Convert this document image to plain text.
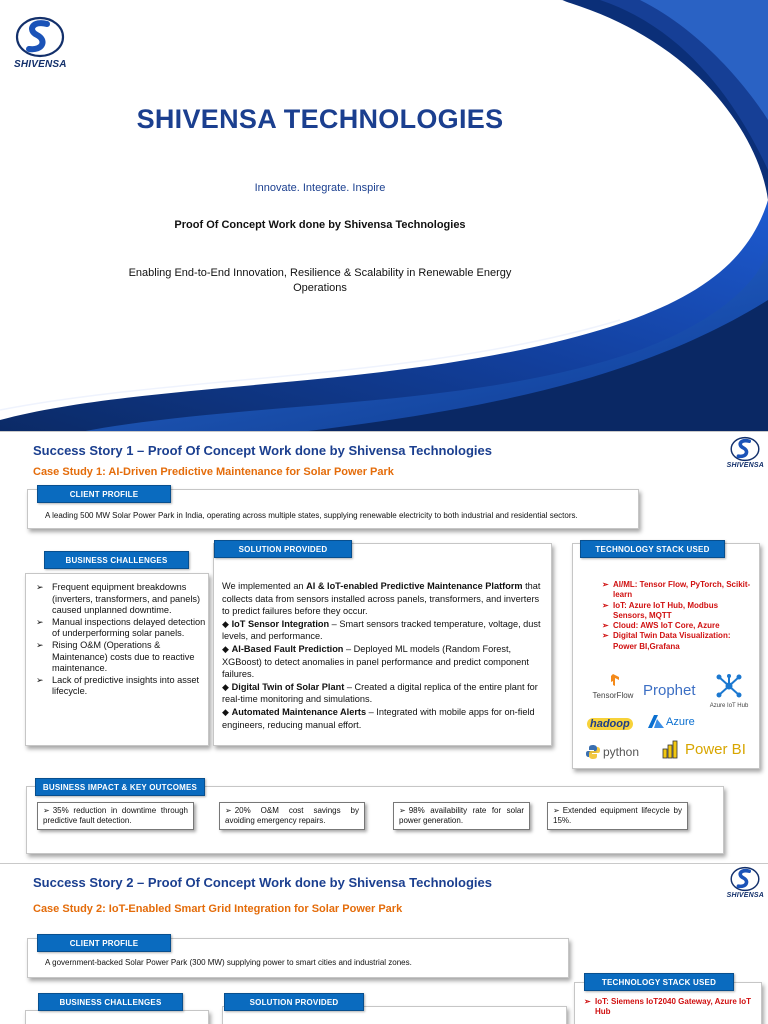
SHIVENSA
SHIVENSA TECHNOLOGIES
Innovate. Integrate. Inspire
Proof Of Concept Work done by Shivensa Technologies
Enabling End-to-End Innovation, Resilience & Scalability in Renewable Energy Operations
Success Story 1 – Proof Of Concept Work done by Shivensa Technologies
Case Study 1: AI-Driven Predictive Maintenance for Solar Power Park
SHIVENSA
CLIENT PROFILE
A leading 500 MW Solar Power Park in India, operating across multiple states, supplying renewable electricity to both industrial and residential sectors.
BUSINESS CHALLENGES
➢ Frequent equipment breakdowns (inverters, transformers, and panels) caused unplanned downtime.
➢ Manual inspections delayed detection of underperforming solar panels.
➢ Rising O&M (Operations & Maintenance) costs due to reactive maintenance.
➢ Lack of predictive insights into asset lifecycle.
SOLUTION PROVIDED

We implemented an AI & IoT-enabled Predictive Maintenance Platform that collects data from sensors installed across panels, transformers, and inverters to predict failures before they occur.

◆ IoT Sensor Integration – Smart sensors tracked temperature, voltage, dust levels, and performance.

◆ AI-Based Fault Prediction – Deployed ML models (Random Forest, XGBoost) to detect anomalies in panel performance and predict component failures.

◆ Digital Twin of Solar Plant – Created a digital replica of the entire plant for real-time monitoring and simulations.

◆ Automated Maintenance Alerts – Integrated with mobile apps for on-field engineers, reducing manual effort.

TECHNOLOGY STACK USED
➢ AI/ML: Tensor Flow, PyTorch, Scikit-learn
➢ IoT: Azure IoT Hub, Modbus Sensors, MQTT
➢ Cloud: AWS IoT Core, Azure
➢ Digital Twin Data Visualization: Power BI,Grafana
TensorFlow Prophet
Azure IoT Hub
hadoop	Azure
python	Power BI
BUSINESS IMPACT & KEY OUTCOMES
➢ 35% reduction in downtime through predictive fault detection.
➢ 20% O&M cost savings by avoiding emergency repairs.
➢ 98% availability rate for solar power generation.
➢ Extended equipment lifecycle by 15%.
Success Story 2 – Proof Of Concept Work done by Shivensa Technologies
Case Study 2: IoT-Enabled Smart Grid Integration for Solar Power Park
SHIVENSA
CLIENT PROFILE
A government-backed Solar Power Park (300 MW) supplying power to smart cities and industrial zones.
TECHNOLOGY STACK USED
➢ IoT: Siemens IoT2040 Gateway, Azure IoT Hub
BUSINESS CHALLENGES	SOLUTION PROVIDED
